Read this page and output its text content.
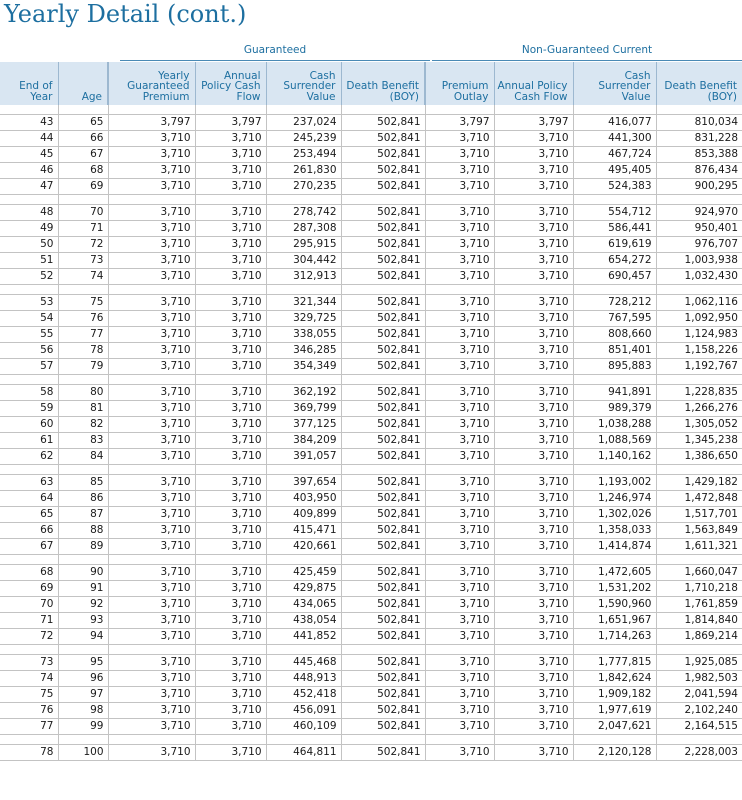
Yearly Detail (cont.)
Guaranteed	Non-Guaranteed Current
End of Year	Age	Yearly Guaranteed Premium	Annual Policy Cash Flow	Cash Surrender Value	Death Benefit (BOY)	Premium Outlay	Annual Policy Cash Flow	Cash Surrender Value	Death Benefit (BOY)

43	65	3,797	3,797	237,024	502,841	3,797	3,797	416,077	810,034
44	66	3,710	3,710	245,239	502,841	3,710	3,710	441,300	831,228
45	67	3,710	3,710	253,494	502,841	3,710	3,710	467,724	853,388
46	68	3,710	3,710	261,830	502,841	3,710	3,710	495,405	876,434
47	69	3,710	3,710	270,235	502,841	3,710	3,710	524,383	900,295

48	70	3,710	3,710	278,742	502,841	3,710	3,710	554,712	924,970
49	71	3,710	3,710	287,308	502,841	3,710	3,710	586,441	950,401
50	72	3,710	3,710	295,915	502,841	3,710	3,710	619,619	976,707
51	73	3,710	3,710	304,442	502,841	3,710	3,710	654,272	1,003,938
52	74	3,710	3,710	312,913	502,841	3,710	3,710	690,457	1,032,430

53	75	3,710	3,710	321,344	502,841	3,710	3,710	728,212	1,062,116
54	76	3,710	3,710	329,725	502,841	3,710	3,710	767,595	1,092,950
55	77	3,710	3,710	338,055	502,841	3,710	3,710	808,660	1,124,983
56	78	3,710	3,710	346,285	502,841	3,710	3,710	851,401	1,158,226
57	79	3,710	3,710	354,349	502,841	3,710	3,710	895,883	1,192,767

58	80	3,710	3,710	362,192	502,841	3,710	3,710	941,891	1,228,835
59	81	3,710	3,710	369,799	502,841	3,710	3,710	989,379	1,266,276
60	82	3,710	3,710	377,125	502,841	3,710	3,710	1,038,288	1,305,052
61	83	3,710	3,710	384,209	502,841	3,710	3,710	1,088,569	1,345,238
62	84	3,710	3,710	391,057	502,841	3,710	3,710	1,140,162	1,386,650

63	85	3,710	3,710	397,654	502,841	3,710	3,710	1,193,002	1,429,182
64	86	3,710	3,710	403,950	502,841	3,710	3,710	1,246,974	1,472,848
65	87	3,710	3,710	409,899	502,841	3,710	3,710	1,302,026	1,517,701
66	88	3,710	3,710	415,471	502,841	3,710	3,710	1,358,033	1,563,849
67	89	3,710	3,710	420,661	502,841	3,710	3,710	1,414,874	1,611,321

68	90	3,710	3,710	425,459	502,841	3,710	3,710	1,472,605	1,660,047
69	91	3,710	3,710	429,875	502,841	3,710	3,710	1,531,202	1,710,218
70	92	3,710	3,710	434,065	502,841	3,710	3,710	1,590,960	1,761,859
71	93	3,710	3,710	438,054	502,841	3,710	3,710	1,651,967	1,814,840
72	94	3,710	3,710	441,852	502,841	3,710	3,710	1,714,263	1,869,214

73	95	3,710	3,710	445,468	502,841	3,710	3,710	1,777,815	1,925,085
74	96	3,710	3,710	448,913	502,841	3,710	3,710	1,842,624	1,982,503
75	97	3,710	3,710	452,418	502,841	3,710	3,710	1,909,182	2,041,594
76	98	3,710	3,710	456,091	502,841	3,710	3,710	1,977,619	2,102,240
77	99	3,710	3,710	460,109	502,841	3,710	3,710	2,047,621	2,164,515

78	100	3,710	3,710	464,811	502,841	3,710	3,710	2,120,128	2,228,003
